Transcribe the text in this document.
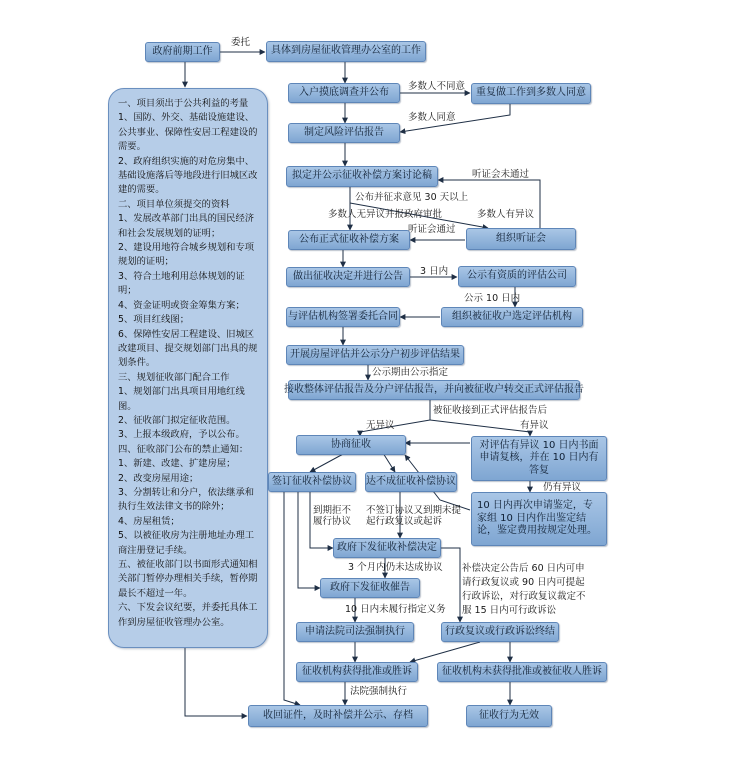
一、项目须出于公共利益的考量
1、国防、外交、基础设施建设、公共事业、保障性安居工程建设的需要。
2、政府组织实施的对危房集中、基础设施落后等地段进行旧城区改建的需要。
二、项目单位须提交的资料
1、发展改革部门出具的国民经济和社会发展规划的证明；
2、建设用地符合城乡规划和专项规划的证明；
3、符合土地利用总体规划的证明；
4、资金证明或资金筹集方案；
5、项目红线图；
6、保障性安居工程建设、旧城区改建项目、提交规划部门出具的规划条件。
三、规划征收部门配合工作
1、规划部门出具项目用地红线图。
2、征收部门拟定征收范围。
3、上报本级政府，予以公布。
四、征收部门公布的禁止通知：
1、新建、改建、扩建房屋；
2、改变房屋用途；
3、分割转让和分户，依法继承和执行生效法律文书的除外；
4、房屋租赁；
5、以被征收房为注册地址办理工商注册登记手续。
五、被征收部门以书面形式通知相关部门暂停办理相关手续，暂停期最长不超过一年。
六、下发会议纪要，并委托具体工作到房屋征收管理办公室。
政府前期工作	具体到房屋征收管理办公室的工作
入户摸底调查并公布	重复做工作到多数人同意
制定风险评估报告
拟定并公示征收补偿方案讨论稿
公布正式征收补偿方案	组织听证会
做出征收决定并进行公告	公示有资质的评估公司
与评估机构签署委托合同	组织被征收户选定评估机构
开展房屋评估并公示分户初步评估结果
接收整体评估报告及分户评估报告，并向被征收户转交正式评估报告
协商征收	对评估有异议 10 日内书面申请复核，并在 10 日内有答复
签订征收补偿协议	达不成征收补偿协议
10 日内再次申请鉴定，专家组 10 日内作出鉴定结论，鉴定费用按规定处理。
政府下发征收补偿决定
政府下发征收催告
申请法院司法强制执行	行政复议或行政诉讼终结
征收机构获得批准或胜诉	征收机构未获得批准或被征收人胜诉
收回证件，及时补偿并公示、存档	征收行为无效
委托
多数人不同意
多数人同意
听证会未通过
公布并征求意见 30 天以上
多数人无异议并报政府审批	多数人有异议
听证会通过
3 日内
公示 10 日内
公示期由公示指定
被征收接到正式评估报告后
无异议	有异议
仍有异议
到期拒不履行协议
不签订协议又到期未提起行政复议或起诉
3 个月内仍未达成协议
10 日内未履行指定义务
补偿决定公告后 60 日内可申请行政复议或 90 日内可提起行政诉讼，对行政复议裁定不服 15 日内可行政诉讼
法院强制执行
